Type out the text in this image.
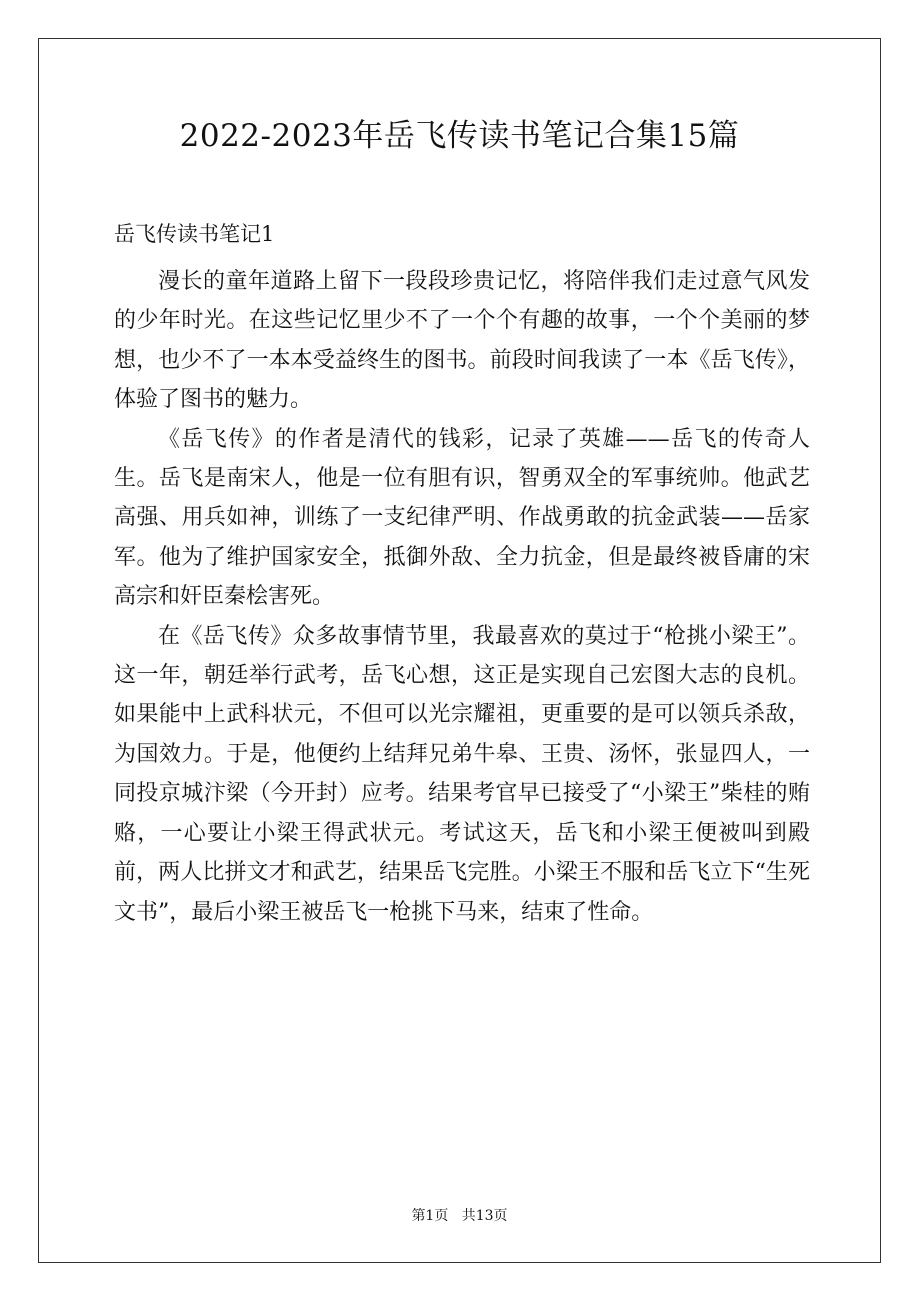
2022-2023年岳飞传读书笔记合集15篇
岳飞传读书笔记1

漫长的童年道路上留下一段段珍贵记忆，将陪伴我们走过意气风发的少年时光。在这些记忆里少不了一个个有趣的故事，一个个美丽的梦想，也少不了一本本受益终生的图书。前段时间我读了一本《岳飞传》，体验了图书的魅力。

《岳飞传》的作者是清代的钱彩，记录了英雄——岳飞的传奇人生。岳飞是南宋人，他是一位有胆有识，智勇双全的军事统帅。他武艺高强、用兵如神，训练了一支纪律严明、作战勇敢的抗金武装——岳家军。他为了维护国家安全，抵御外敌、全力抗金，但是最终被昏庸的宋高宗和奸臣秦桧害死。

在《岳飞传》众多故事情节里，我最喜欢的莫过于“枪挑小梁王”。这一年，朝廷举行武考，岳飞心想，这正是实现自己宏图大志的良机。如果能中上武科状元，不但可以光宗耀祖，更重要的是可以领兵杀敌，为国效力。于是，他便约上结拜兄弟牛皋、王贵、汤怀，张显四人，一同投京城汴梁（今开封）应考。结果考官早已接受了“小梁王”柴桂的贿赂，一心要让小梁王得武状元。考试这天，岳飞和小梁王便被叫到殿前，两人比拼文才和武艺，结果岳飞完胜。小梁王不服和岳飞立下“生死文书”，最后小梁王被岳飞一枪挑下马来，结束了性命。

第1页 共13页
